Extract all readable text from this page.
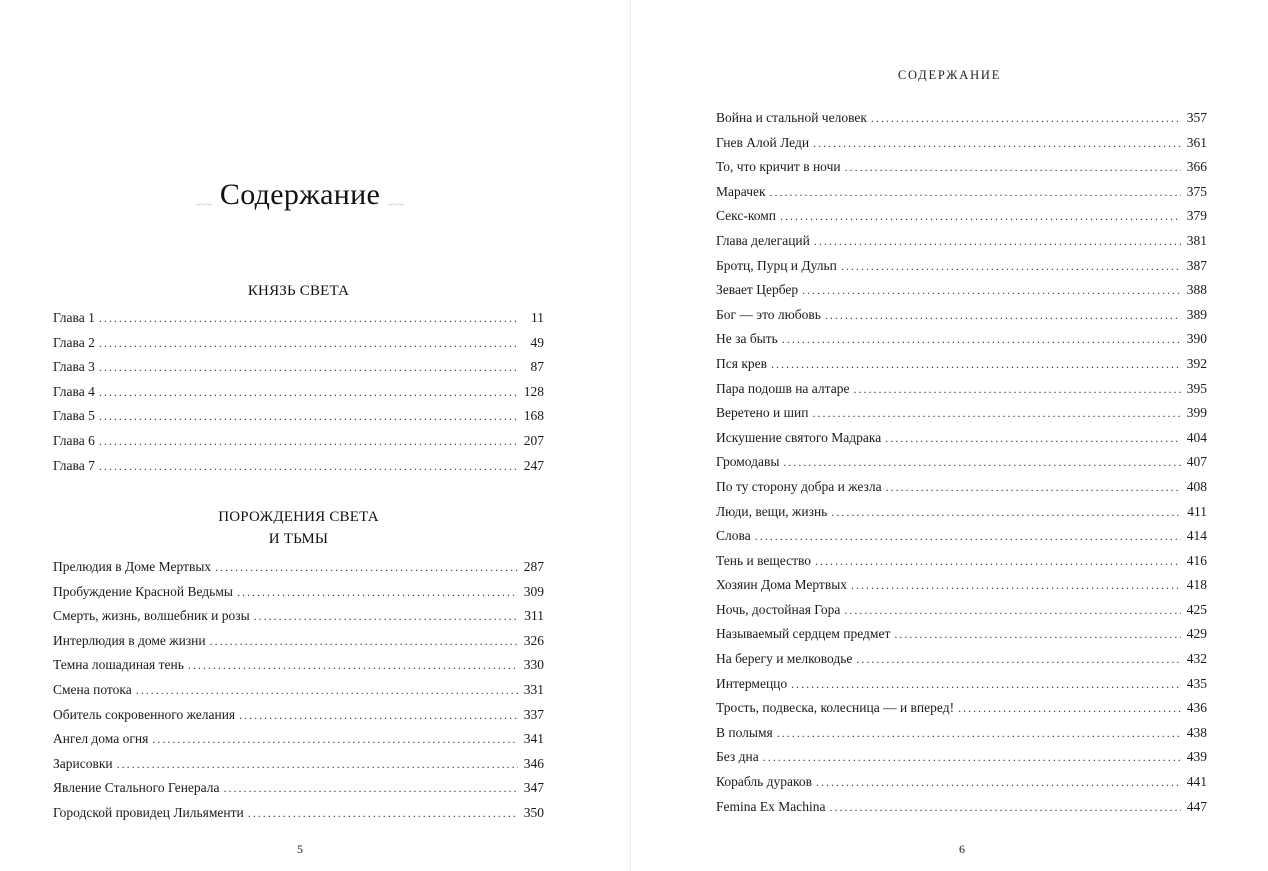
﹏ Содержание ﹏
КНЯЗЬ СВЕТА
Глава 1 . . .	11
Глава 2 . . .	49
Глава 3 . . .	87
Глава 4 . . .	128
Глава 5 . . .	168
Глава 6 . . .	207
Глава 7 . . .	247
ПОРОЖДЕНИЯ СВЕТА
И ТЬМЫ
Прелюдия в Доме Мертвых . . .	287
Пробуждение Красной Ведьмы . . .	309
Смерть, жизнь, волшебник и розы . . .	311
Интерлюдия в доме жизни . . .	326
Темна лошадиная тень . . .	330
Смена потока . . .	331
Обитель сокровенного желания . . .	337
Ангел дома огня . . .	341
Зарисовки . . .	346
Явление Стального Генерала . . .	347
Городской провидец Лильяменти . . .	350
5
СОДЕРЖАНИЕ
Война и стальной человек . . .	357
Гнев Алой Леди . . .	361
То, что кричит в ночи . . .	366
Марачек . . .	375
Секс-комп . . .	379
Глава делегаций . . .	381
Бротц, Пурц и Дульп . . .	387
Зевает Цербер . . .	388
Бог — это любовь . . .	389
Не за быть . . .	390
Пся крев . . .	392
Пара подошв на алтаре . . .	395
Веретено и шип . . .	399
Искушение святого Мадрака . . .	404
Громодавы . . .	407
По ту сторону добра и жезла . . .	408
Люди, вещи, жизнь . . .	411
Слова . . .	414
Тень и вещество . . .	416
Хозяин Дома Мертвых . . .	418
Ночь, достойная Гора . . .	425
Называемый сердцем предмет . . .	429
На берегу и мелководье . . .	432
Интермеццо . . .	435
Трость, подвеска, колесница — и вперед! . . .	436
В полымя . . .	438
Без дна . . .	439
Корабль дураков . . .	441
Femina Ex Machina . . .	447
6
